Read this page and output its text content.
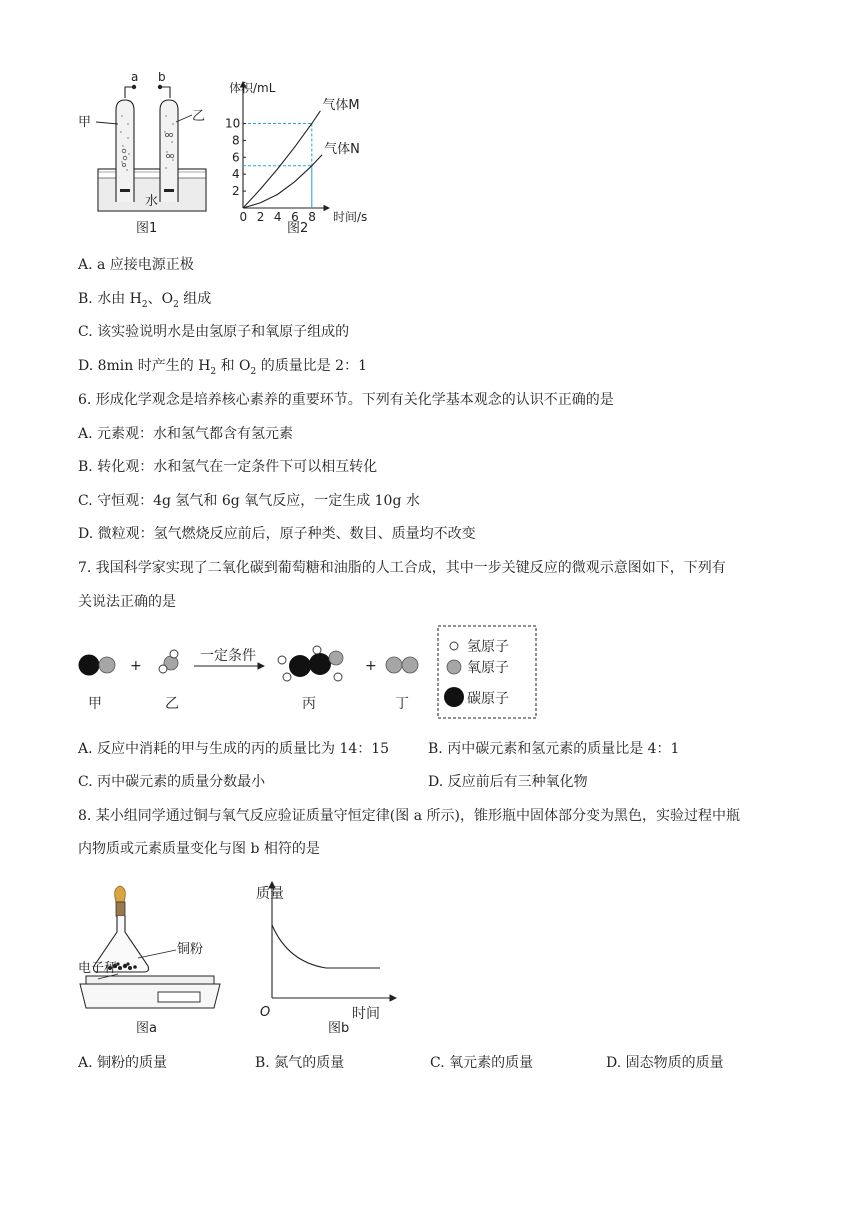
a b
甲	乙
水
图1
0 2 4 6 8
2
4
6
8
10
体积/mL
时间/s
气体M
气体N
图2
A. a 应接电源正极
B. 水由 $H_2$、$O_2$ 组成
C. 该实验说明水是由氢原子和氧原子组成的
D. 8min 时产生的 $H_2$ 和 $O_2$ 的质量比是 2：1
6. 形成化学观念是培养核心素养的重要环节。下列有关化学基本观念的认识不正确的是
A. 元素观：水和氢气都含有氢元素
B. 转化观：水和氢气在一定条件下可以相互转化
C. 守恒观：4g 氢气和 6g 氧气反应，一定生成 10g 水
D. 微粒观：氢气燃烧反应前后，原子种类、数目、质量均不改变
7. 我国科学家实现了二氧化碳到葡萄糖和油脂的人工合成，其中一步关键反应的微观示意图如下，下列有
关说法正确的是
+
一定条件
+
甲	乙	丙	丁
氢原子
氧原子
碳原子
A. 反应中消耗的甲与生成的丙的质量比为 14：15	B. 丙中碳元素和氢元素的质量比是 4：1
C. 丙中碳元素的质量分数最小	D. 反应前后有三种氧化物
8. 某小组同学通过铜与氧气反应验证质量守恒定律(图 a 所示)，锥形瓶中固体部分变为黑色，实验过程中瓶
内物质或元素质量变化与图 b 相符的是
铜粉
电子秤
图a
质量
时间
O
图b
A. 铜粉的质量	B. 氮气的质量	C. 氧元素的质量	D. 固态物质的质量
